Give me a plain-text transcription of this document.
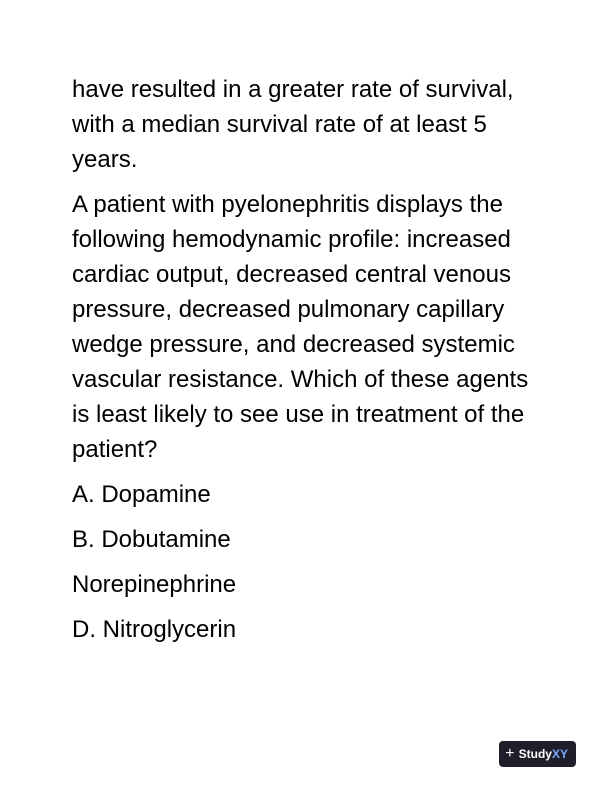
have resulted in a greater rate of survival, with a median survival rate of at least 5 years.

A patient with pyelonephritis displays the following hemodynamic profile: increased cardiac output, decreased central venous pressure, decreased pulmonary capillary wedge pressure, and decreased systemic vascular resistance. Which of these agents is least likely to see use in treatment of the patient?

A. Dopamine
B. Dobutamine
Norepinephrine
D. Nitroglycerin
+ StudyXY
